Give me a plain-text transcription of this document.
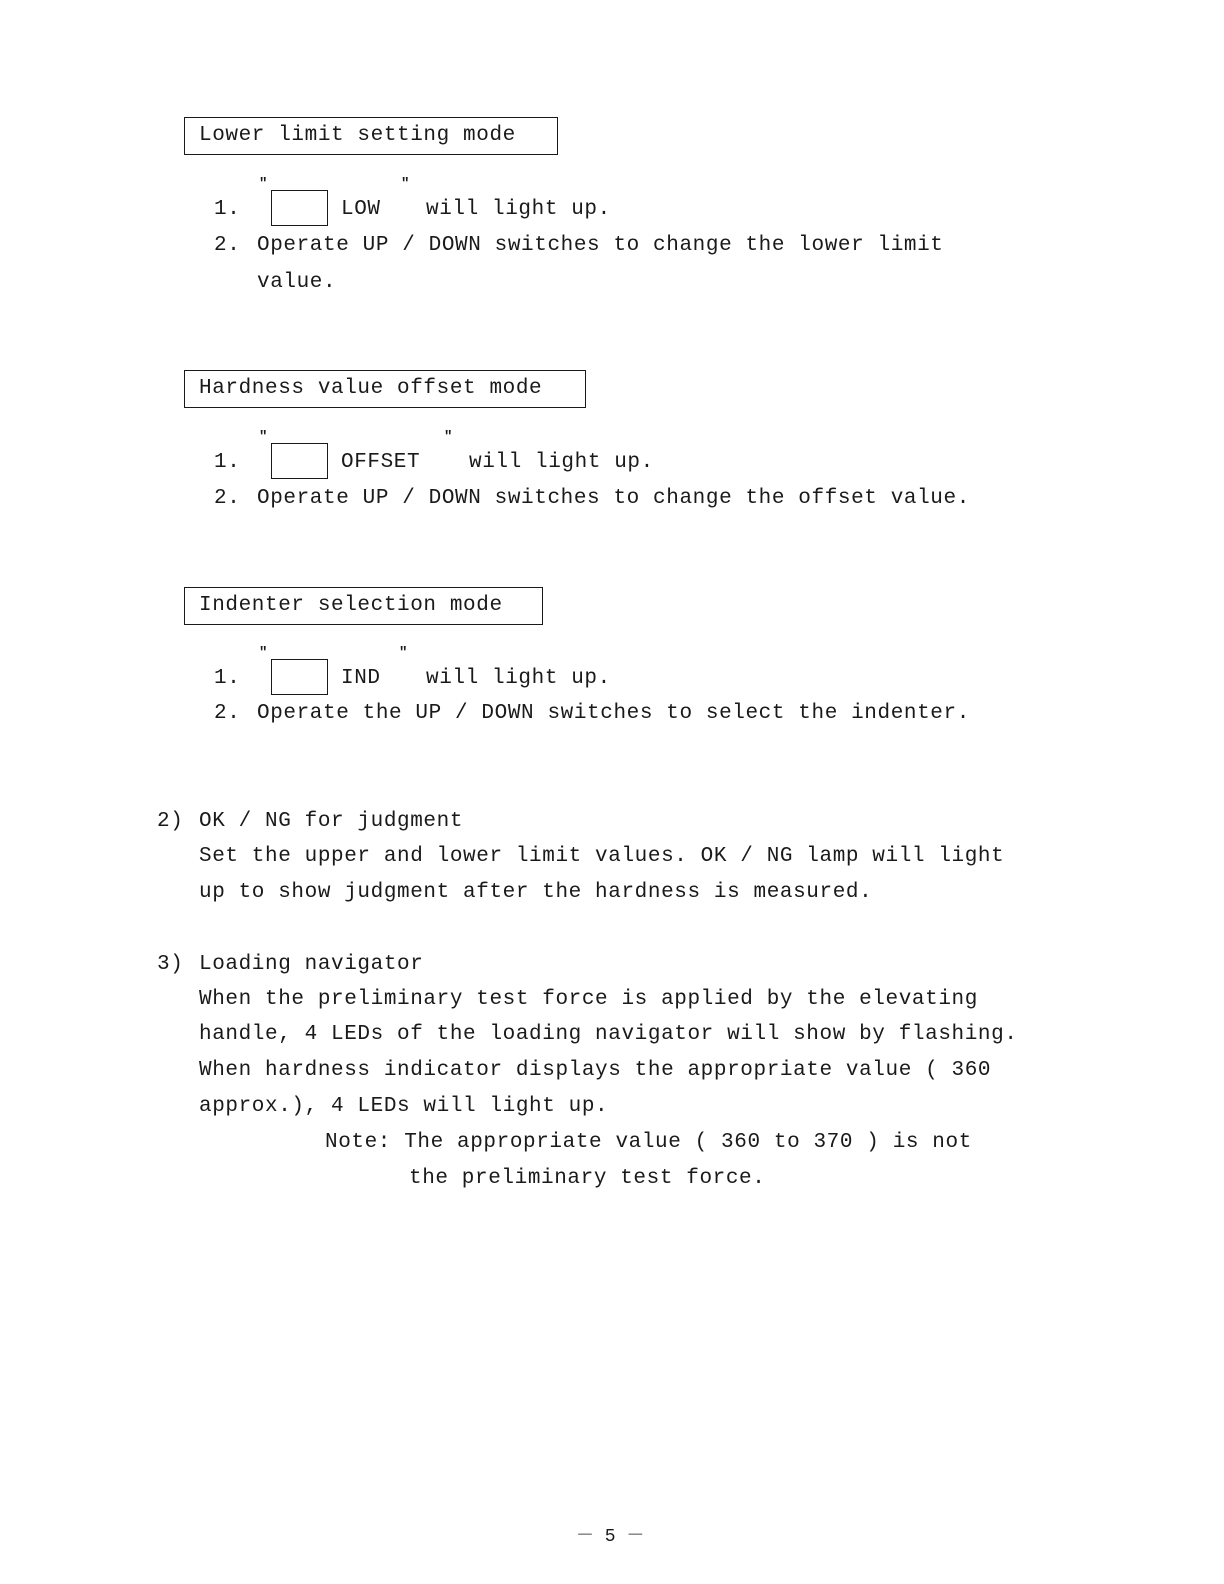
Lower limit setting mode
"	"
1.	LOW will light up.
2. Operate UP / DOWN switches to change the lower limit
value.
Hardness value offset mode
"	"
1.	OFFSET will light up.
2. Operate UP / DOWN switches to change the offset value.
Indenter selection mode
"	"
1.	IND will light up.
2. Operate the UP / DOWN switches to select the indenter.
2) OK / NG for judgment
Set the upper and lower limit values. OK / NG lamp will light
up to show judgment after the hardness is measured.
3) Loading navigator
When the preliminary test force is applied by the elevating
handle, 4 LEDs of the loading navigator will show by flashing.
When hardness indicator displays the appropriate value ( 360
approx.), 4 LEDs will light up.
Note: The appropriate value ( 360 to 370 ) is not
the preliminary test force.
－ 5 －
